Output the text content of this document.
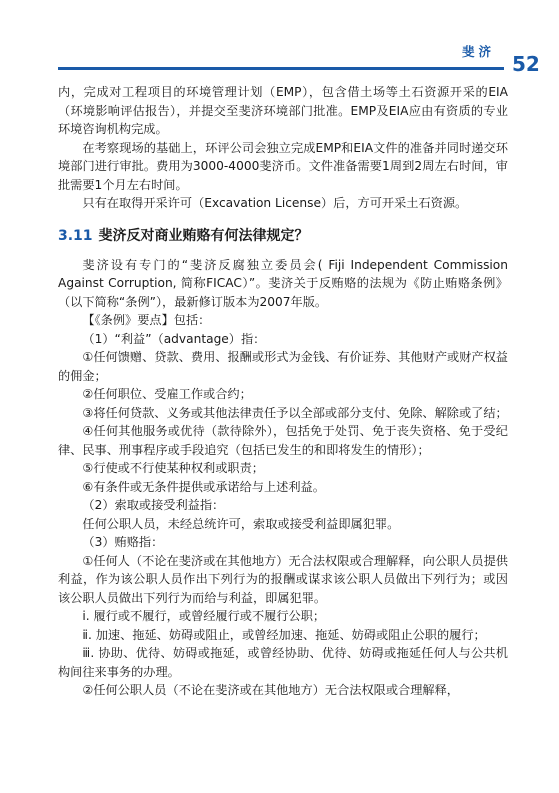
斐济
52

内，完成对工程项目的环境管理计划（EMP），包含借土场等土石资源开采的EIA（环境影响评估报告），并提交至斐济环境部门批准。EMP及EIA应由有资质的专业环境咨询机构完成。

在考察现场的基础上，环评公司会独立完成EMP和EIA文件的准备并同时递交环境部门进行审批。费用为3000-4000斐济币。文件准备需要1周到2周左右时间，审批需要1个月左右时间。

只有在取得开采许可（Excavation License）后，方可开采土石资源。

3.11 斐济反对商业贿赂有何法律规定？

斐济设有专门的“斐济反腐独立委员会( Fiji Independent Commission Against Corruption, 简称FICAC）”。斐济关于反贿赂的法规为《防止贿赂条例》（以下简称“条例”），最新修订版本为2007年版。

【《条例》要点】包括：

（1）“利益”（advantage）指：

①任何馈赠、贷款、费用、报酬或形式为金钱、有价证券、其他财产或财产权益的佣金；

②任何职位、受雇工作或合约；

③将任何贷款、义务或其他法律责任予以全部或部分支付、免除、解除或了结；

④任何其他服务或优待（款待除外），包括免于处罚、免于丧失资格、免于受纪律、民事、刑事程序或手段追究（包括已发生的和即将发生的情形）；

⑤行使或不行使某种权利或职责；

⑥有条件或无条件提供或承诺给与上述利益。

（2）索取或接受利益指：

任何公职人员，未经总统许可，索取或接受利益即属犯罪。

（3）贿赂指：

①任何人（不论在斐济或在其他地方）无合法权限或合理解释，向公职人员提供利益，作为该公职人员作出下列行为的报酬或谋求该公职人员做出下列行为；或因该公职人员做出下列行为而给与利益，即属犯罪。

ⅰ. 履行或不履行，或曾经履行或不履行公职；

ⅱ. 加速、拖延、妨碍或阻止，或曾经加速、拖延、妨碍或阻止公职的履行；

ⅲ. 协助、优待、妨碍或拖延，或曾经协助、优待、妨碍或拖延任何人与公共机构间往来事务的办理。

②任何公职人员（不论在斐济或在其他地方）无合法权限或合理解释，
